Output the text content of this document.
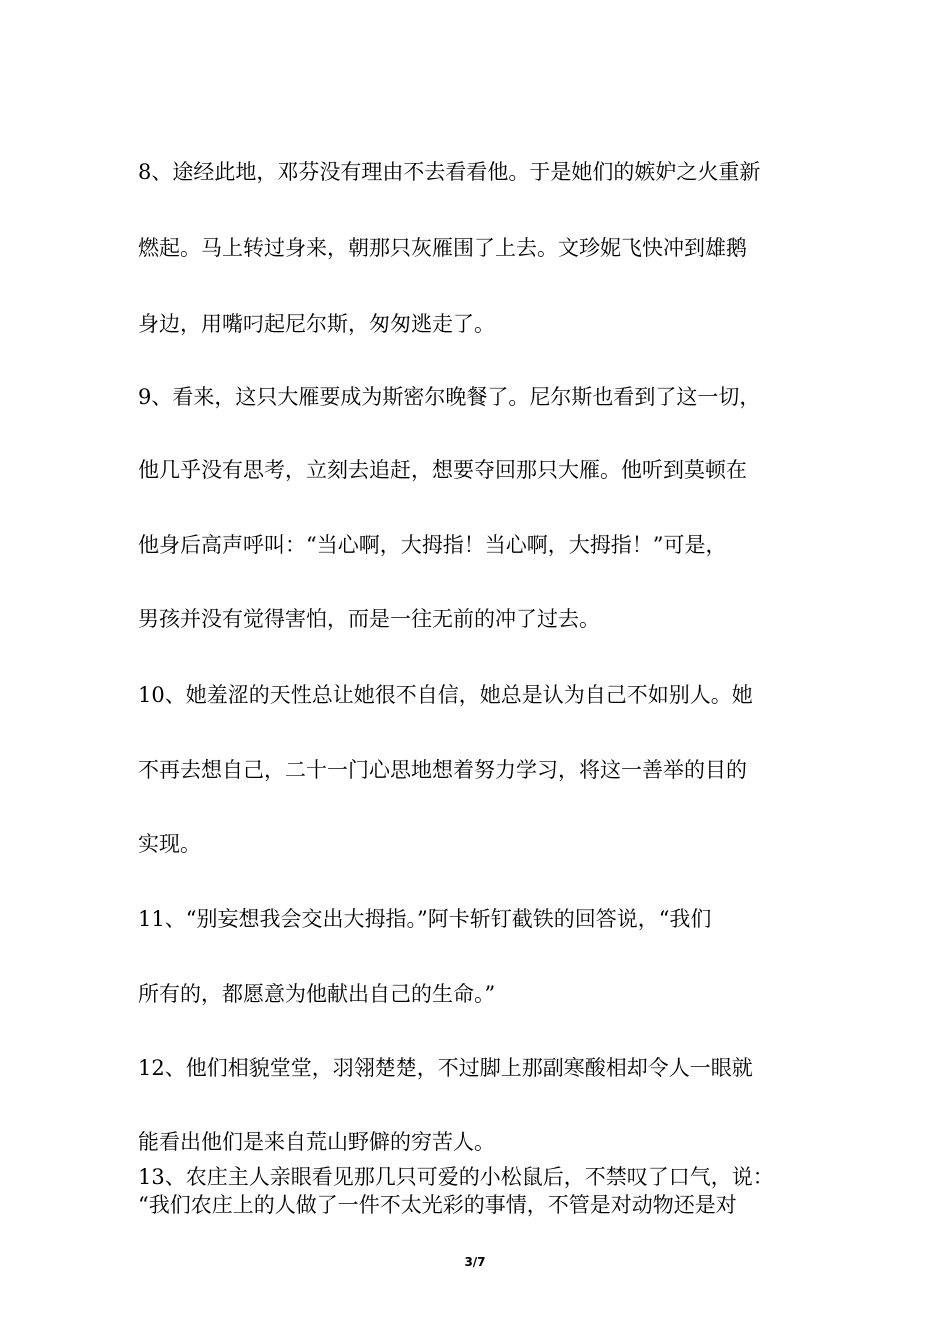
8、途经此地，邓芬没有理由不去看看他。于是她们的嫉妒之火重新
燃起。马上转过身来，朝那只灰雁围了上去。文珍妮飞快冲到雄鹅
身边，用嘴叼起尼尔斯，匆匆逃走了。
9、看来，这只大雁要成为斯密尔晚餐了。尼尔斯也看到了这一切，
他几乎没有思考，立刻去追赶，想要夺回那只大雁。他听到莫顿在
他身后高声呼叫：“当心啊，大拇指！当心啊，大拇指！”可是，
男孩并没有觉得害怕，而是一往无前的冲了过去。
10、她羞涩的天性总让她很不自信，她总是认为自己不如别人。她
不再去想自己，二十一门心思地想着努力学习，将这一善举的目的
实现。
11、“别妄想我会交出大拇指。”阿卡斩钉截铁的回答说，“我们
所有的，都愿意为他献出自己的生命。”
12、他们相貌堂堂，羽翎楚楚，不过脚上那副寒酸相却令人一眼就
能看出他们是来自荒山野僻的穷苦人。
13、农庄主人亲眼看见那几只可爱的小松鼠后，不禁叹了口气，说：
“我们农庄上的人做了一件不太光彩的事情，不管是对动物还是对
3/7
